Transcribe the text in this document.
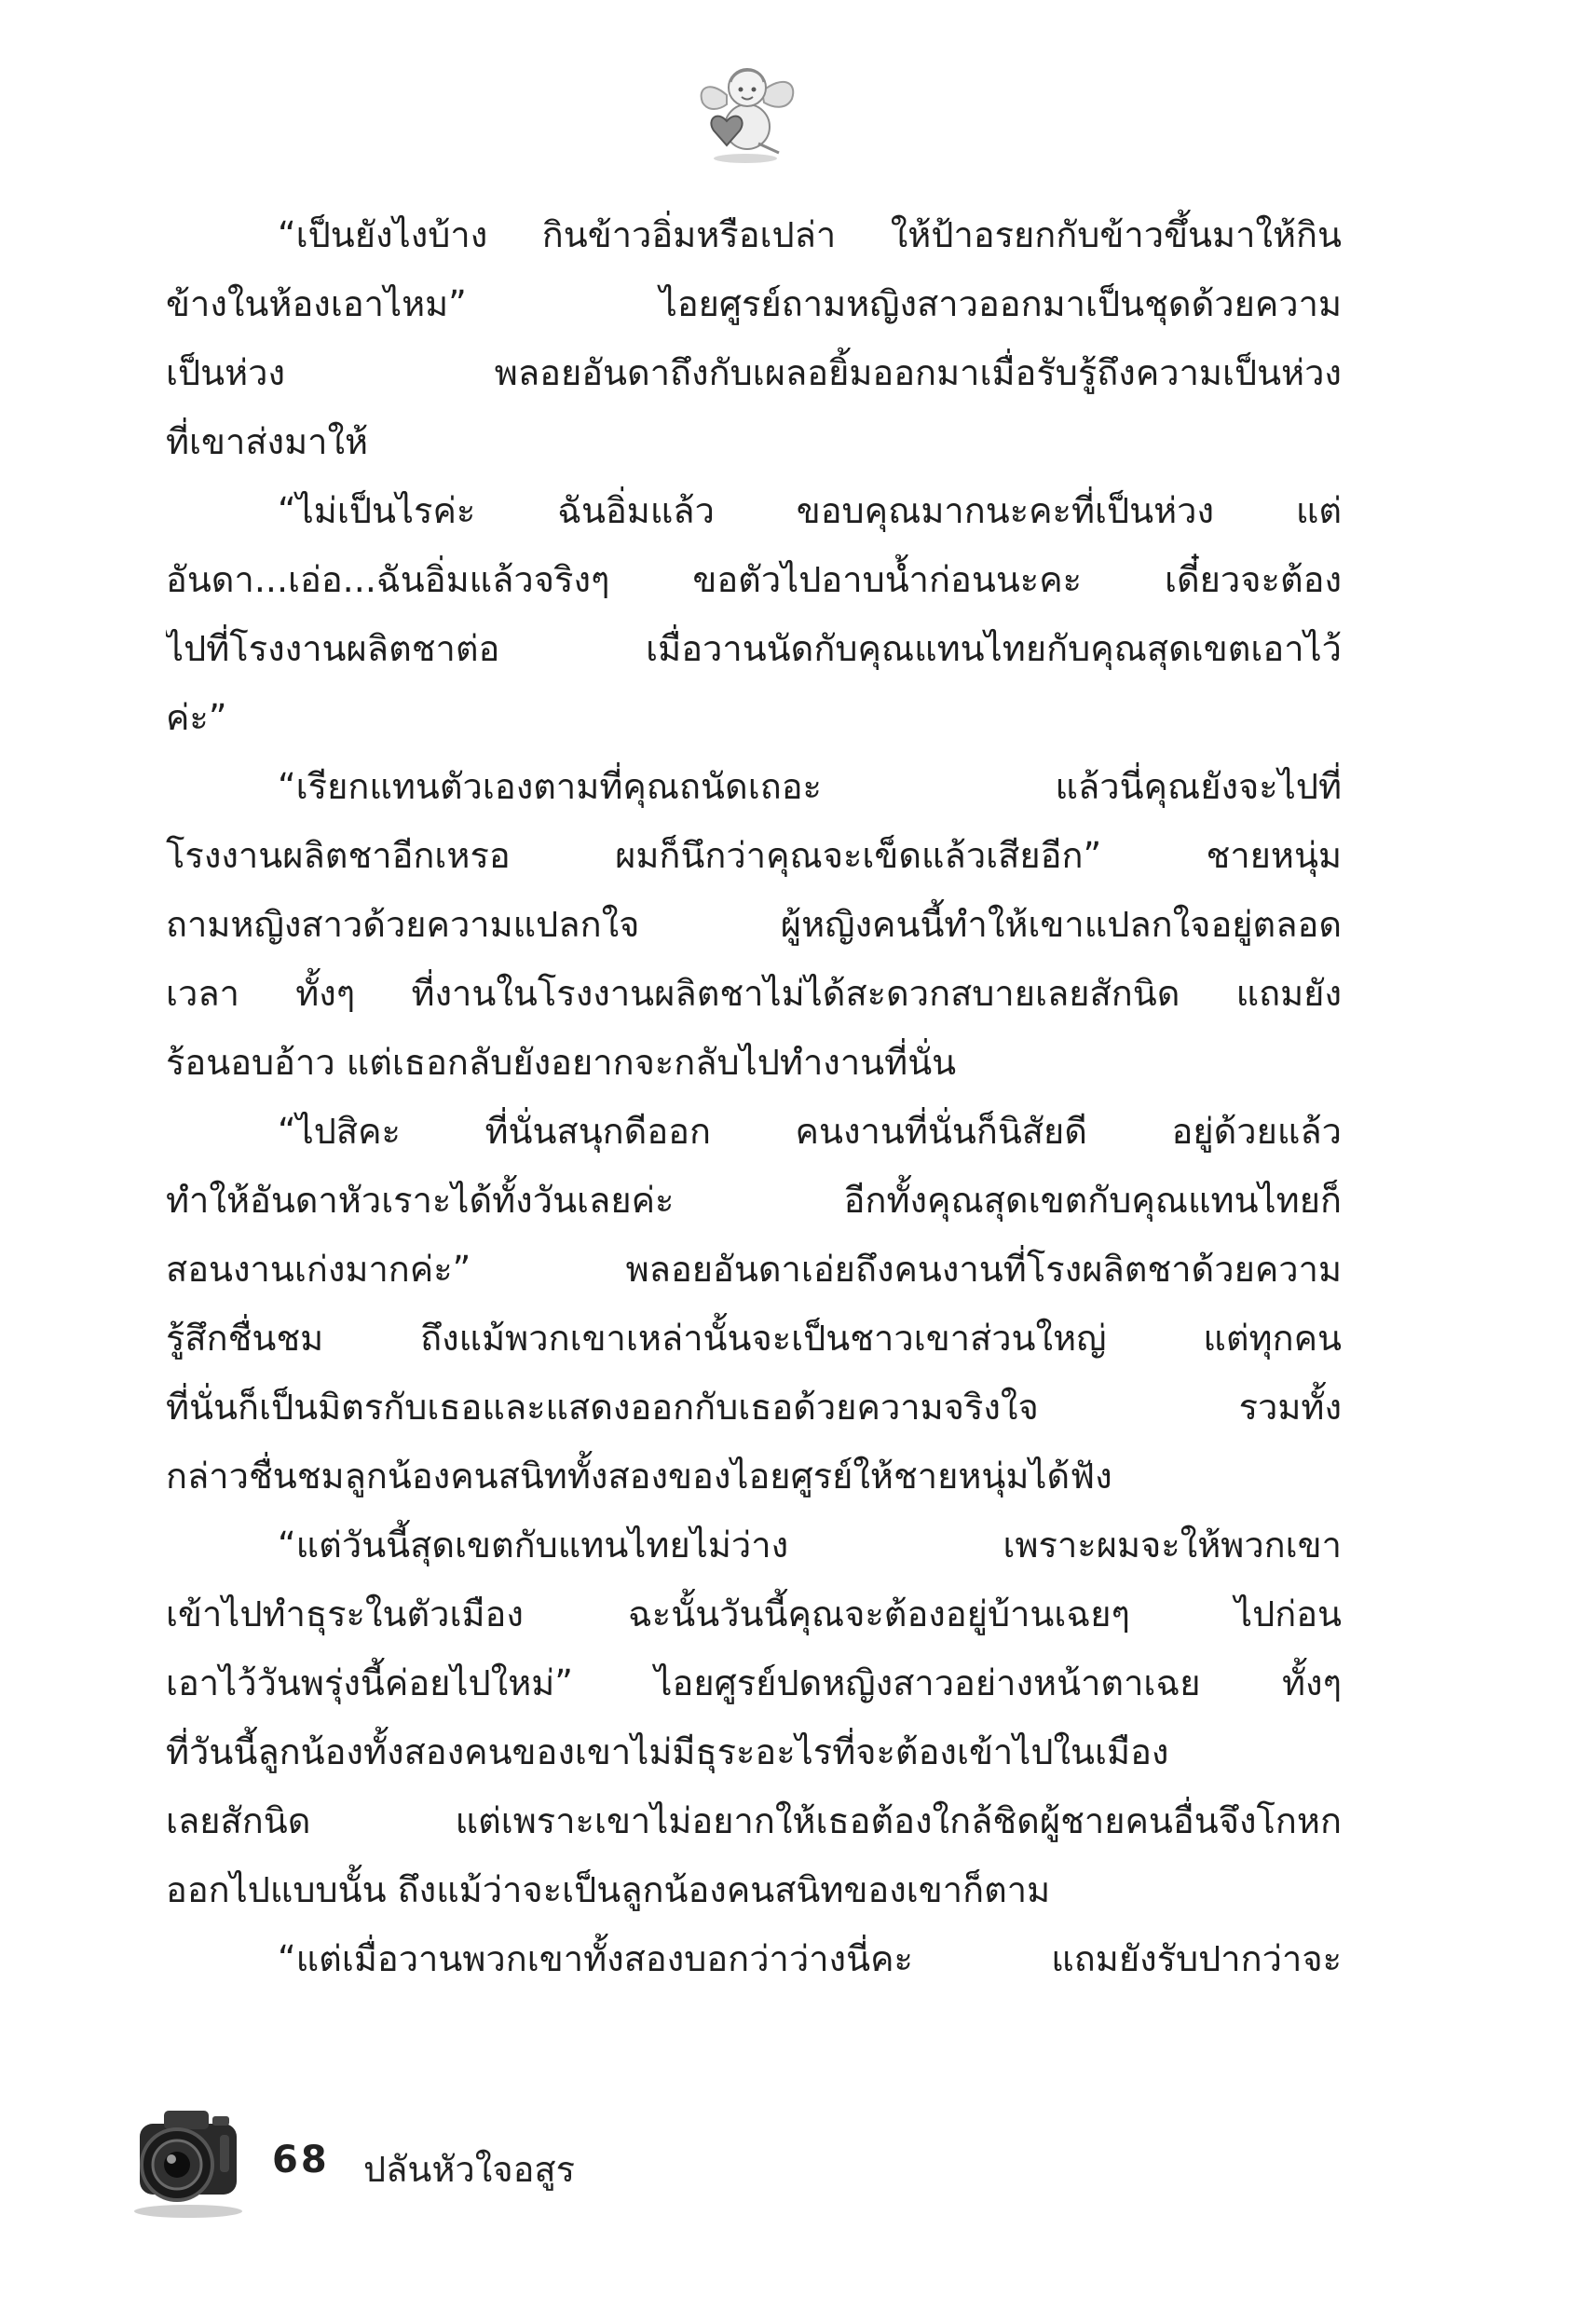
“เป็นยังไงบ้าง กินข้าวอิ่มหรือเปล่า ให้ป้าอรยกกับข้าวขึ้นมาให้กิน
ข้างในห้องเอาไหม” ไอยศูรย์ถามหญิงสาวออกมาเป็นชุดด้วยความ
เป็นห่วง พลอยอันดาถึงกับเผลอยิ้มออกมาเมื่อรับรู้ถึงความเป็นห่วง
ที่เขาส่งมาให้
“ไม่เป็นไรค่ะ ฉันอิ่มแล้ว ขอบคุณมากนะคะที่เป็นห่วง แต่
อันดา...เอ่อ...ฉันอิ่มแล้วจริงๆ ขอตัวไปอาบน้ำก่อนนะคะ เดี๋ยวจะต้อง
ไปที่โรงงานผลิตชาต่อ เมื่อวานนัดกับคุณแทนไทยกับคุณสุดเขตเอาไว้
ค่ะ”
“เรียกแทนตัวเองตามที่คุณถนัดเถอะ แล้วนี่คุณยังจะไปที่
โรงงานผลิตชาอีกเหรอ ผมก็นึกว่าคุณจะเข็ดแล้วเสียอีก” ชายหนุ่ม
ถามหญิงสาวด้วยความแปลกใจ ผู้หญิงคนนี้ทำให้เขาแปลกใจอยู่ตลอด
เวลา ทั้งๆ ที่งานในโรงงานผลิตชาไม่ได้สะดวกสบายเลยสักนิด แถมยัง
ร้อนอบอ้าว แต่เธอกลับยังอยากจะกลับไปทำงานที่นั่น
“ไปสิคะ ที่นั่นสนุกดีออก คนงานที่นั่นก็นิสัยดี อยู่ด้วยแล้ว
ทำให้อันดาหัวเราะได้ทั้งวันเลยค่ะ อีกทั้งคุณสุดเขตกับคุณแทนไทยก็
สอนงานเก่งมากค่ะ” พลอยอันดาเอ่ยถึงคนงานที่โรงผลิตชาด้วยความ
รู้สึกชื่นชม ถึงแม้พวกเขาเหล่านั้นจะเป็นชาวเขาส่วนใหญ่ แต่ทุกคน
ที่นั่นก็เป็นมิตรกับเธอและแสดงออกกับเธอด้วยความจริงใจ รวมทั้ง
กล่าวชื่นชมลูกน้องคนสนิททั้งสองของไอยศูรย์ให้ชายหนุ่มได้ฟัง
“แต่วันนี้สุดเขตกับแทนไทยไม่ว่าง เพราะผมจะให้พวกเขา
เข้าไปทำธุระในตัวเมือง ฉะนั้นวันนี้คุณจะต้องอยู่บ้านเฉยๆ ไปก่อน
เอาไว้วันพรุ่งนี้ค่อยไปใหม่” ไอยศูรย์ปดหญิงสาวอย่างหน้าตาเฉย ทั้งๆ
ที่วันนี้ลูกน้องทั้งสองคนของเขาไม่มีธุระอะไรที่จะต้องเข้าไปในเมือง
เลยสักนิด แต่เพราะเขาไม่อยากให้เธอต้องใกล้ชิดผู้ชายคนอื่นจึงโกหก
ออกไปแบบนั้น ถึงแม้ว่าจะเป็นลูกน้องคนสนิทของเขาก็ตาม
“แต่เมื่อวานพวกเขาทั้งสองบอกว่าว่างนี่คะ แถมยังรับปากว่าจะ
68 ปลันหัวใจอสูร
